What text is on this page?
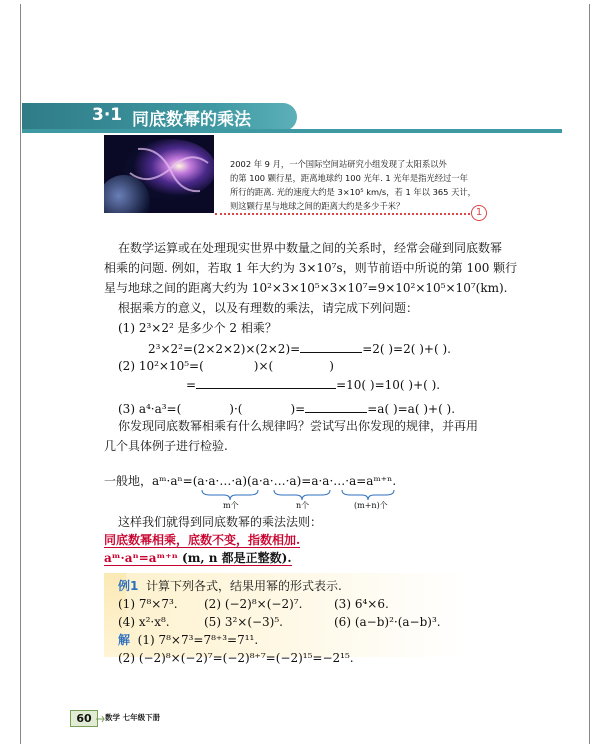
3·1 同底数幂的乘法

2002 年 9 月，一个国际空间站研究小组发现了太阳系以外

的第 100 颗行星，距离地球约 100 光年. 1 光年是指光经过一年

所行的距离. 光的速度大约是 3×10⁵ km/s，若 1 年以 365 天计，

则这颗行星与地球之间的距离大约是多少千米？

1
在数学运算或在处理现实世界中数量之间的关系时，经常会碰到同底数幂
相乘的问题. 例如，若取 1 年大约为 3×10⁷s，则节前语中所说的第 100 颗行
星与地球之间的距离大约为 10²×3×10⁵×3×10⁷=9×10²×10⁵×10⁷(km).
根据乘方的意义，以及有理数的乘法，请完成下列问题：
(1) 2³×2² 是多少个 2 相乘？
2³×2²=(2×2×2)×(2×2)=	=2( )=2( )+( ).
(2) 10²×10⁵=(	)×(	)
=	=10( )=10( )+( ).
(3) a⁴·a³=(	)·(	)=	=a( )=a( )+( ).
你发现同底数幂相乘有什么规律吗？尝试写出你发现的规律，并再用
几个具体例子进行检验.
一般地，aᵐ·aⁿ=(a·a·…·a)(a·a·…·a)=a·a·…·a=aᵐ⁺ⁿ.
m个	n个	(m+n)个
这样我们就得到同底数幂的乘法法则：
同底数幂相乘，底数不变，指数相加.
aᵐ·aⁿ=aᵐ⁺ⁿ (m, n 都是正整数).
例1 计算下列各式，结果用幂的形式表示.
(1) 7⁸×7³. (2) (−2)⁸×(−2)⁷.	(3) 6⁴×6.
(4) x²·x⁸.	(5) 3²×(−3)⁵.	(6) (a−b)²·(a−b)³.
解 (1) 7⁸×7³=7⁸⁺³=7¹¹.
(2) (−2)⁸×(−2)⁷=(−2)⁸⁺⁷=(−2)¹⁵=−2¹⁵.
60	数学 七年级下册
